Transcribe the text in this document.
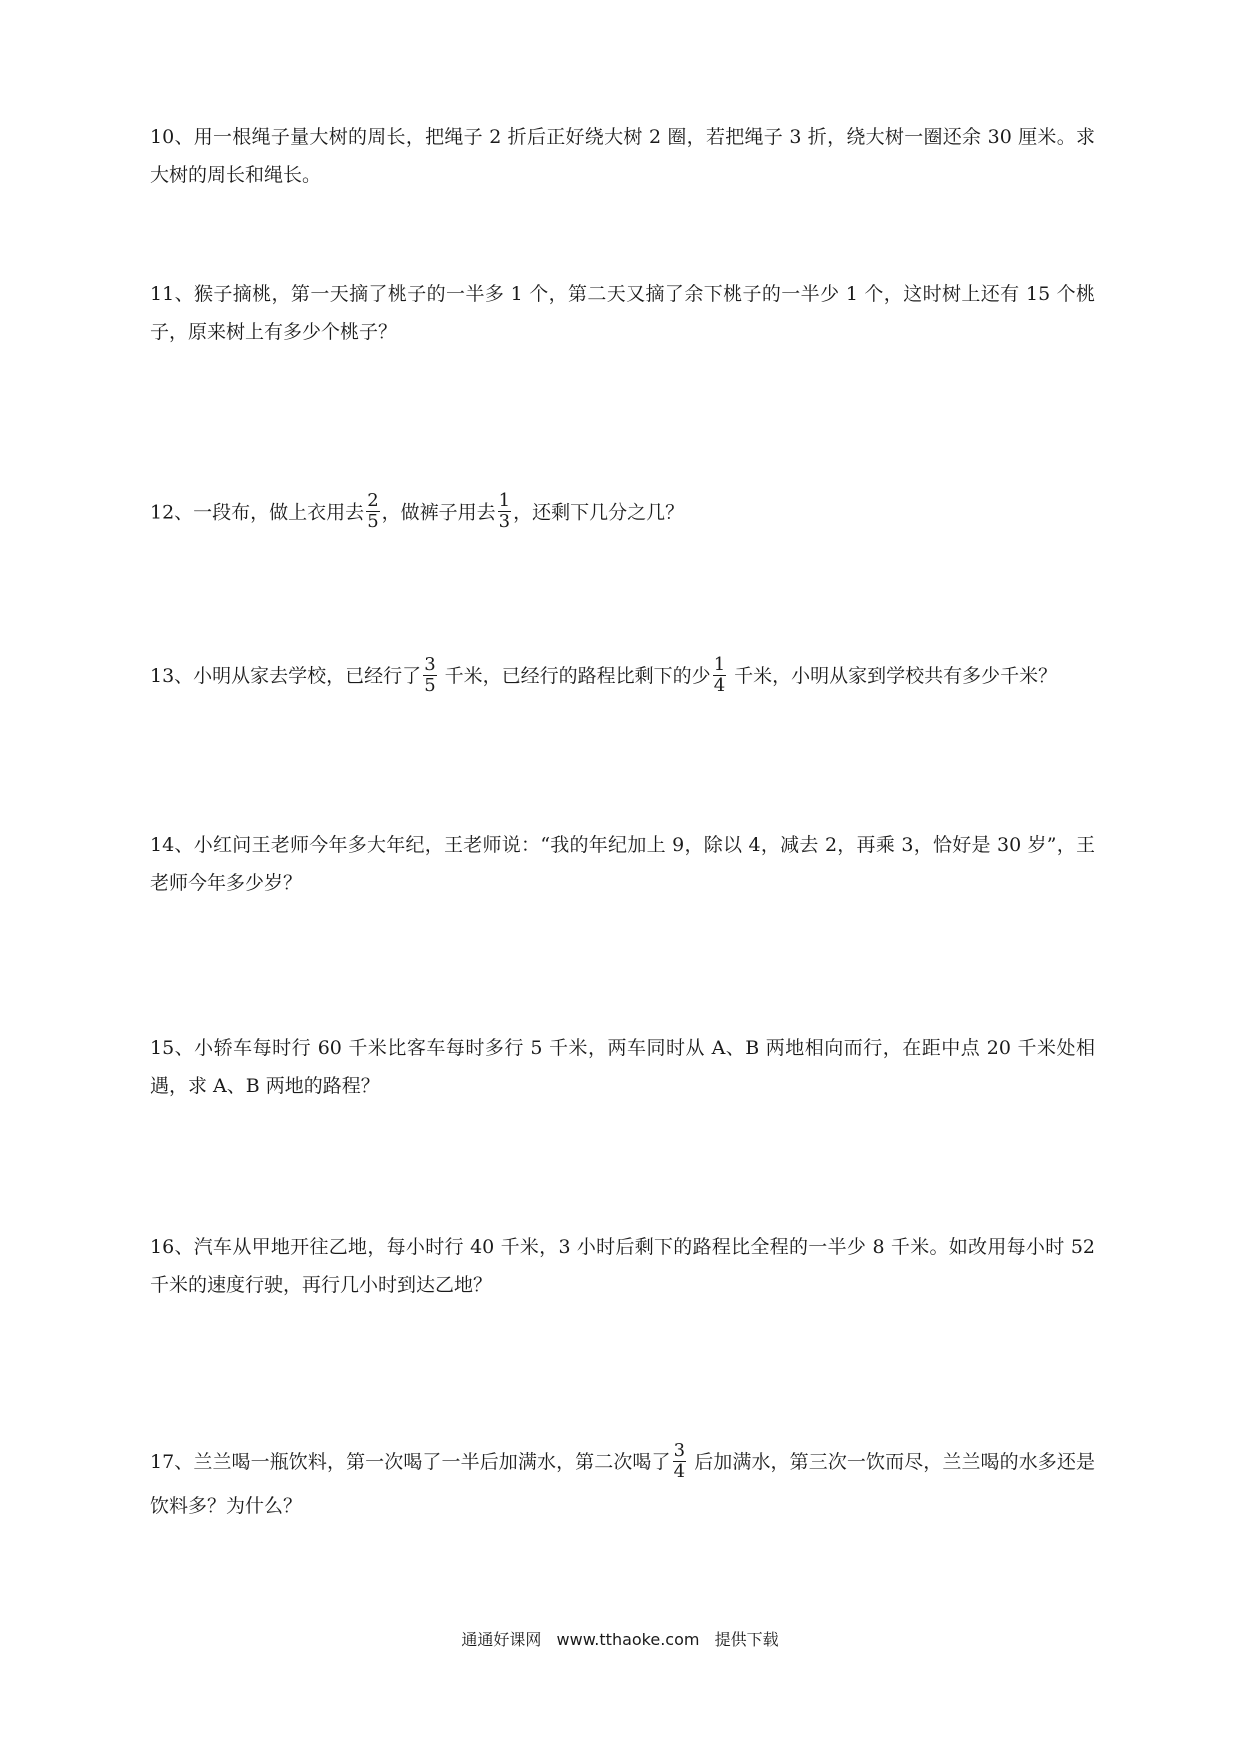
10、用一根绳子量大树的周长，把绳子 2 折后正好绕大树 2 圈，若把绳子 3 折，绕大树一圈还余 30 厘米。求大树的周长和绳长。

11、猴子摘桃，第一天摘了桃子的一半多 1 个，第二天又摘了余下桃子的一半少 1 个，这时树上还有 15 个桃子，原来树上有多少个桃子？

12、一段布，做上衣用去 $\frac{2}{5}$ ，做裤子用去 $\frac{1}{3}$ ，还剩下几分之几？

13、小明从家去学校，已经行了 $\frac{3}{5}$ 千米，已经行的路程比剩下的少 $\frac{1}{4}$ 千米，小明从家到学校共有多少千米？

14、小红问王老师今年多大年纪，王老师说：“我的年纪加上 9，除以 4，减去 2，再乘 3，恰好是 30 岁”，王老师今年多少岁？

15、小轿车每时行 60 千米比客车每时多行 5 千米，两车同时从 A、B 两地相向而行，在距中点 20 千米处相遇，求 A、B 两地的路程？

16、汽车从甲地开往乙地，每小时行 40 千米，3 小时后剩下的路程比全程的一半少 8 千米。如改用每小时 52 千米的速度行驶，再行几小时到达乙地？

17、兰兰喝一瓶饮料，第一次喝了一半后加满水，第二次喝了 $\frac{3}{4}$ 后加满水，第三次一饮而尽，兰兰喝的水多还是饮料多？为什么？

通通好课网 www.tthaoke.com 提供下载
